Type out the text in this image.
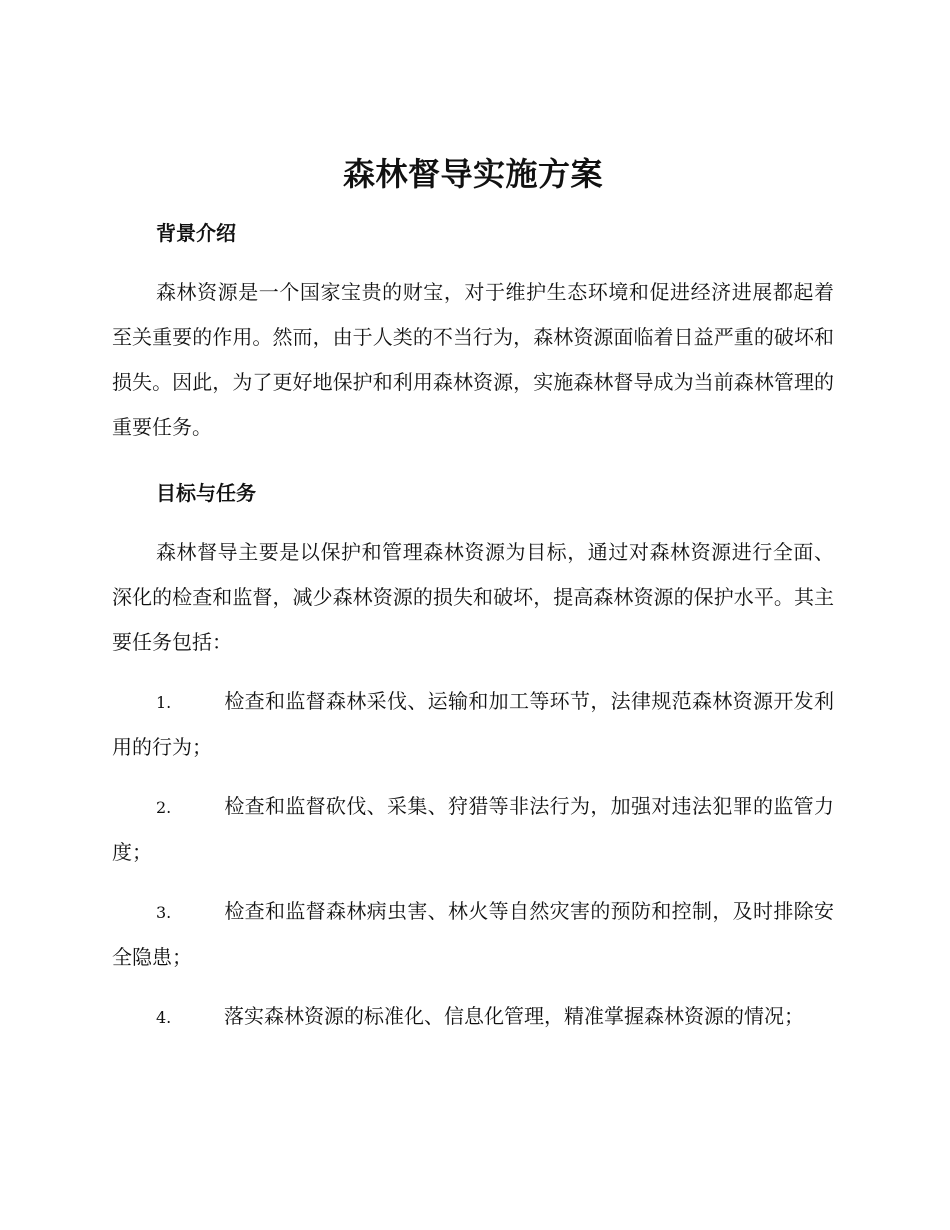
森林督导实施方案
背景介绍

森林资源是一个国家宝贵的财宝，对于维护生态环境和促进经济进展都起着至关重要的作用。然而，由于人类的不当行为，森林资源面临着日益严重的破坏和损失。因此，为了更好地保护和利用森林资源，实施森林督导成为当前森林管理的重要任务。

目标与任务

森林督导主要是以保护和管理森林资源为目标，通过对森林资源进行全面、深化的检查和监督，减少森林资源的损失和破坏，提高森林资源的保护水平。其主要任务包括：

1.	检查和监督森林采伐、运输和加工等环节，法律规范森林资源开发利用的行为；
2.	检查和监督砍伐、采集、狩猎等非法行为，加强对违法犯罪的监管力度；
3.	检查和监督森林病虫害、林火等自然灾害的预防和控制，及时排除安全隐患；
4.	落实森林资源的标准化、信息化管理，精准掌握森林资源的情况；
